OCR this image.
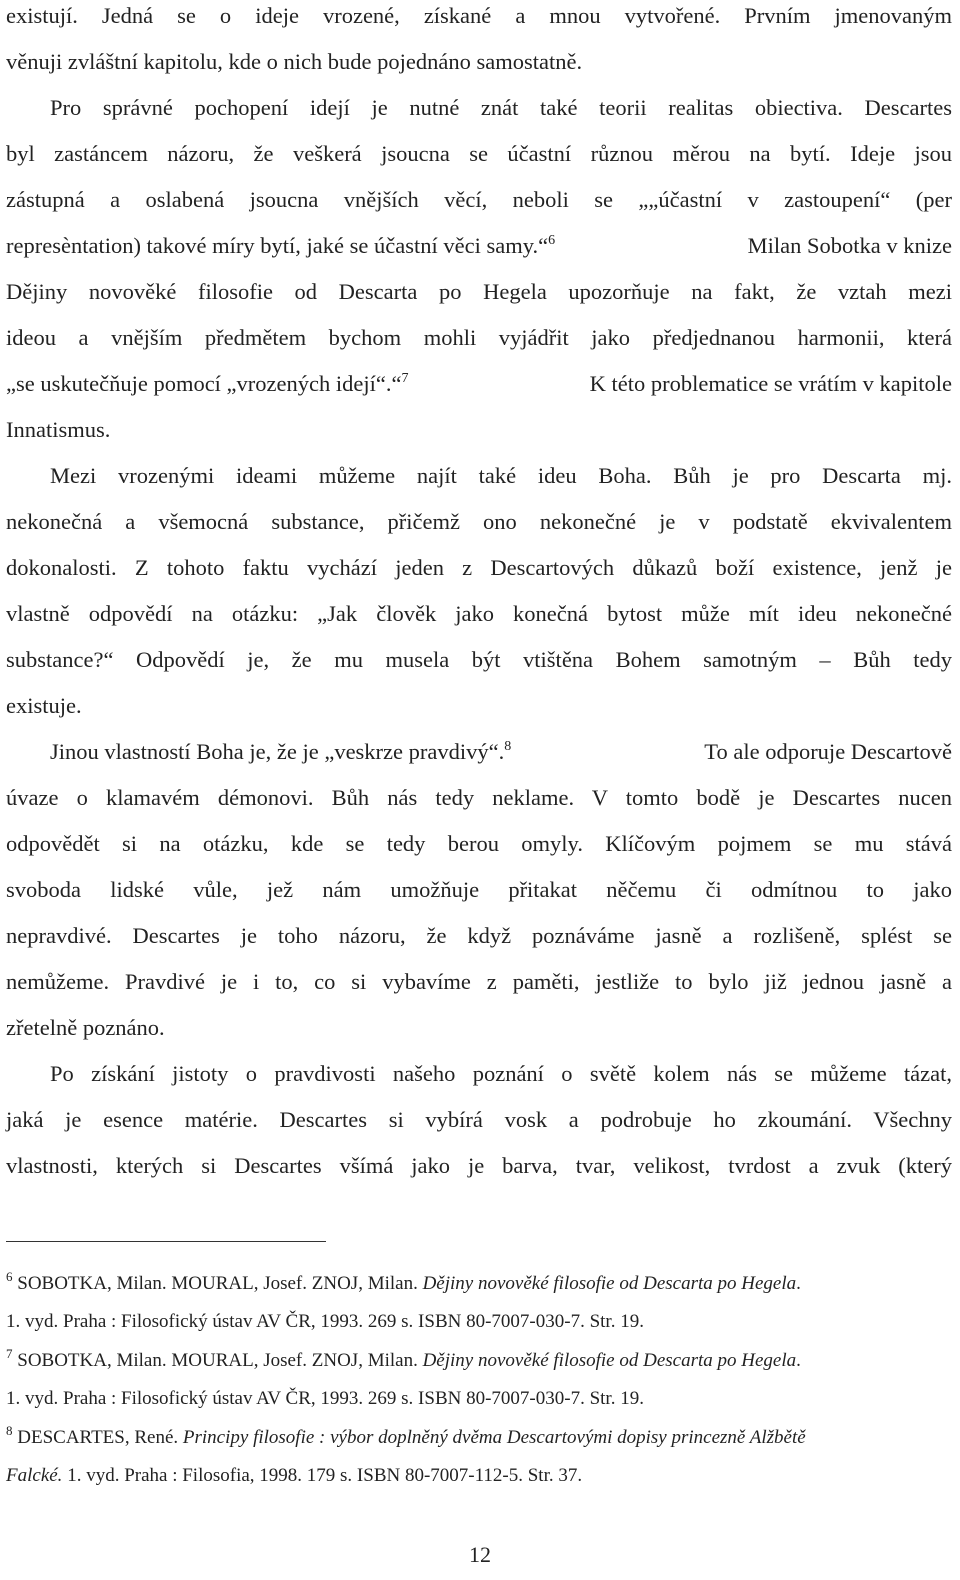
existují. Jedná se o ideje vrozené, získané a mnou vytvořené. Prvním jmenovaným
věnuji zvláštní kapitolu, kde o nich bude pojednáno samostatně.
Pro správné pochopení idejí je nutné znát také teorii realitas obiectiva. Descartes
byl zastáncem názoru, že veškerá jsoucna se účastní různou měrou na bytí. Ideje jsou
zástupná a oslabená jsoucna vnějších věcí, neboli se „„účastní v zastoupení“ (per
represèntation) takové míry bytí, jaké se účastní věci samy.“$^6$	Milan Sobotka v knize
Dějiny novověké filosofie od Descarta po Hegela upozorňuje na fakt, že vztah mezi
ideou a vnějším předmětem bychom mohli vyjádřit jako předjednanou harmonii, která
„se uskutečňuje pomocí „vrozených idejí“.“$^7$	K této problematice se vrátím v kapitole
Innatismus.
Mezi vrozenými ideami můžeme najít také ideu Boha. Bůh je pro Descarta mj.
nekonečná a všemocná substance, přičemž ono nekonečné je v podstatě ekvivalentem
dokonalosti. Z tohoto faktu vychází jeden z Descartových důkazů boží existence, jenž je
vlastně odpovědí na otázku: „Jak člověk jako konečná bytost může mít ideu nekonečné
substance?“ Odpovědí je, že mu musela být vtištěna Bohem samotným – Bůh tedy
existuje.
Jinou vlastností Boha je, že je „veskrze pravdivý“.$^8$	To ale odporuje Descartově
úvaze o klamavém démonovi. Bůh nás tedy neklame. V tomto bodě je Descartes nucen
odpovědět si na otázku, kde se tedy berou omyly. Klíčovým pojmem se mu stává
svoboda lidské vůle, jež nám umožňuje přitakat něčemu či odmítnou to jako
nepravdivé. Descartes je toho názoru, že když poznáváme jasně a rozlišeně, splést se
nemůžeme. Pravdivé je i to, co si vybavíme z paměti, jestliže to bylo již jednou jasně a
zřetelně poznáno.
Po získání jistoty o pravdivosti našeho poznání o světě kolem nás se můžeme tázat,
jaká je esence matérie. Descartes si vybírá vosk a podrobuje ho zkoumání. Všechny
vlastnosti, kterých si Descartes všímá jako je barva, tvar, velikost, tvrdost a zvuk (který
$^6$ SOBOTKA, Milan. MOURAL, Josef. ZNOJ, Milan. Dějiny novověké filosofie od Descarta po Hegela.
1. vyd. Praha : Filosofický ústav AV ČR, 1993. 269 s. ISBN 80-7007-030-7. Str. 19.
$^7$ SOBOTKA, Milan. MOURAL, Josef. ZNOJ, Milan. Dějiny novověké filosofie od Descarta po Hegela.
1. vyd. Praha : Filosofický ústav AV ČR, 1993. 269 s. ISBN 80-7007-030-7. Str. 19.
$^8$ DESCARTES, René. Principy filosofie : výbor doplněný dvěma Descartovými dopisy princezně Alžbětě
Falcké. 1. vyd. Praha : Filosofia, 1998. 179 s. ISBN 80-7007-112-5. Str. 37.
12
